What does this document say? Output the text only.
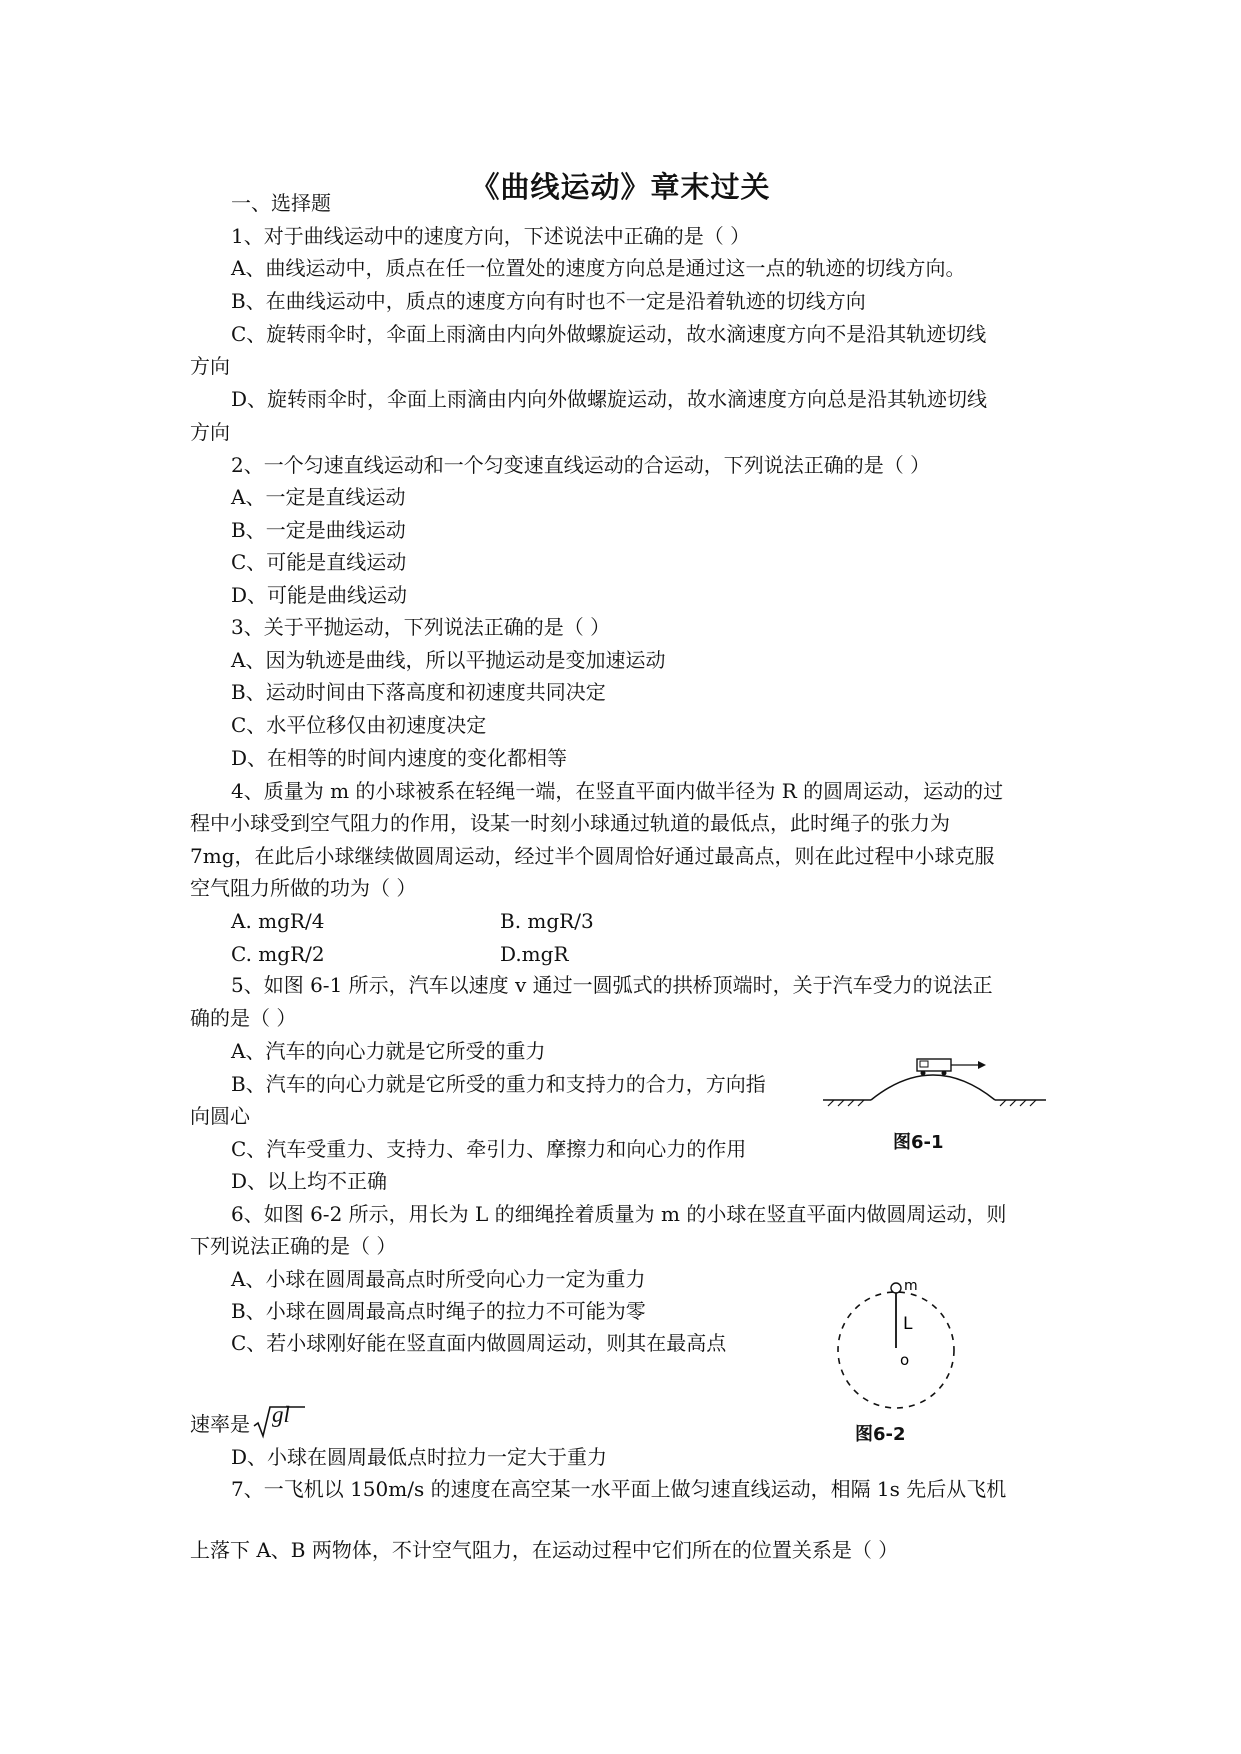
《曲线运动》章末过关
一、选择题
1、对于曲线运动中的速度方向，下述说法中正确的是（ ）
A、曲线运动中，质点在任一位置处的速度方向总是通过这一点的轨迹的切线方向。
B、在曲线运动中，质点的速度方向有时也不一定是沿着轨迹的切线方向
C、旋转雨伞时，伞面上雨滴由内向外做螺旋运动，故水滴速度方向不是沿其轨迹切线
方向
D、旋转雨伞时，伞面上雨滴由内向外做螺旋运动，故水滴速度方向总是沿其轨迹切线
方向
2、一个匀速直线运动和一个匀变速直线运动的合运动，下列说法正确的是（ ）
A、一定是直线运动
B、一定是曲线运动
C、可能是直线运动
D、可能是曲线运动
3、关于平抛运动，下列说法正确的是（ ）
A、因为轨迹是曲线，所以平抛运动是变加速运动
B、运动时间由下落高度和初速度共同决定
C、水平位移仅由初速度决定
D、在相等的时间内速度的变化都相等
4、质量为 m 的小球被系在轻绳一端，在竖直平面内做半径为 R 的圆周运动，运动的过
程中小球受到空气阻力的作用，设某一时刻小球通过轨道的最低点，此时绳子的张力为
7mg，在此后小球继续做圆周运动，经过半个圆周恰好通过最高点，则在此过程中小球克服
空气阻力所做的功为（ ）
C. mgR/2
5、如图 6-1 所示，汽车以速度 v 通过一圆弧式的拱桥顶端时，关于汽车受力的说法正
确的是（ ）
A、汽车的向心力就是它所受的重力
B、汽车的向心力就是它所受的重力和支持力的合力，方向指
向圆心
C、汽车受重力、支持力、牵引力、摩擦力和向心力的作用
D、以上均不正确
6、如图 6-2 所示，用长为 L 的细绳拴着质量为 m 的小球在竖直平面内做圆周运动，则
下列说法正确的是（ ）
A、小球在圆周最高点时所受向心力一定为重力
B、小球在圆周最高点时绳子的拉力不可能为零
C、若小球刚好能在竖直面内做圆周运动，则其在最高点
速率是
D、小球在圆周最低点时拉力一定大于重力
7、一飞机以 150m/s 的速度在高空某一水平面上做匀速直线运动，相隔 1s 先后从飞机
上落下 A、B 两物体，不计空气阻力，在运动过程中它们所在的位置关系是（ ）
A. mgR/4	B. mgR/3
D.mgR
gl
图6-1
m
L
o
图6-2
